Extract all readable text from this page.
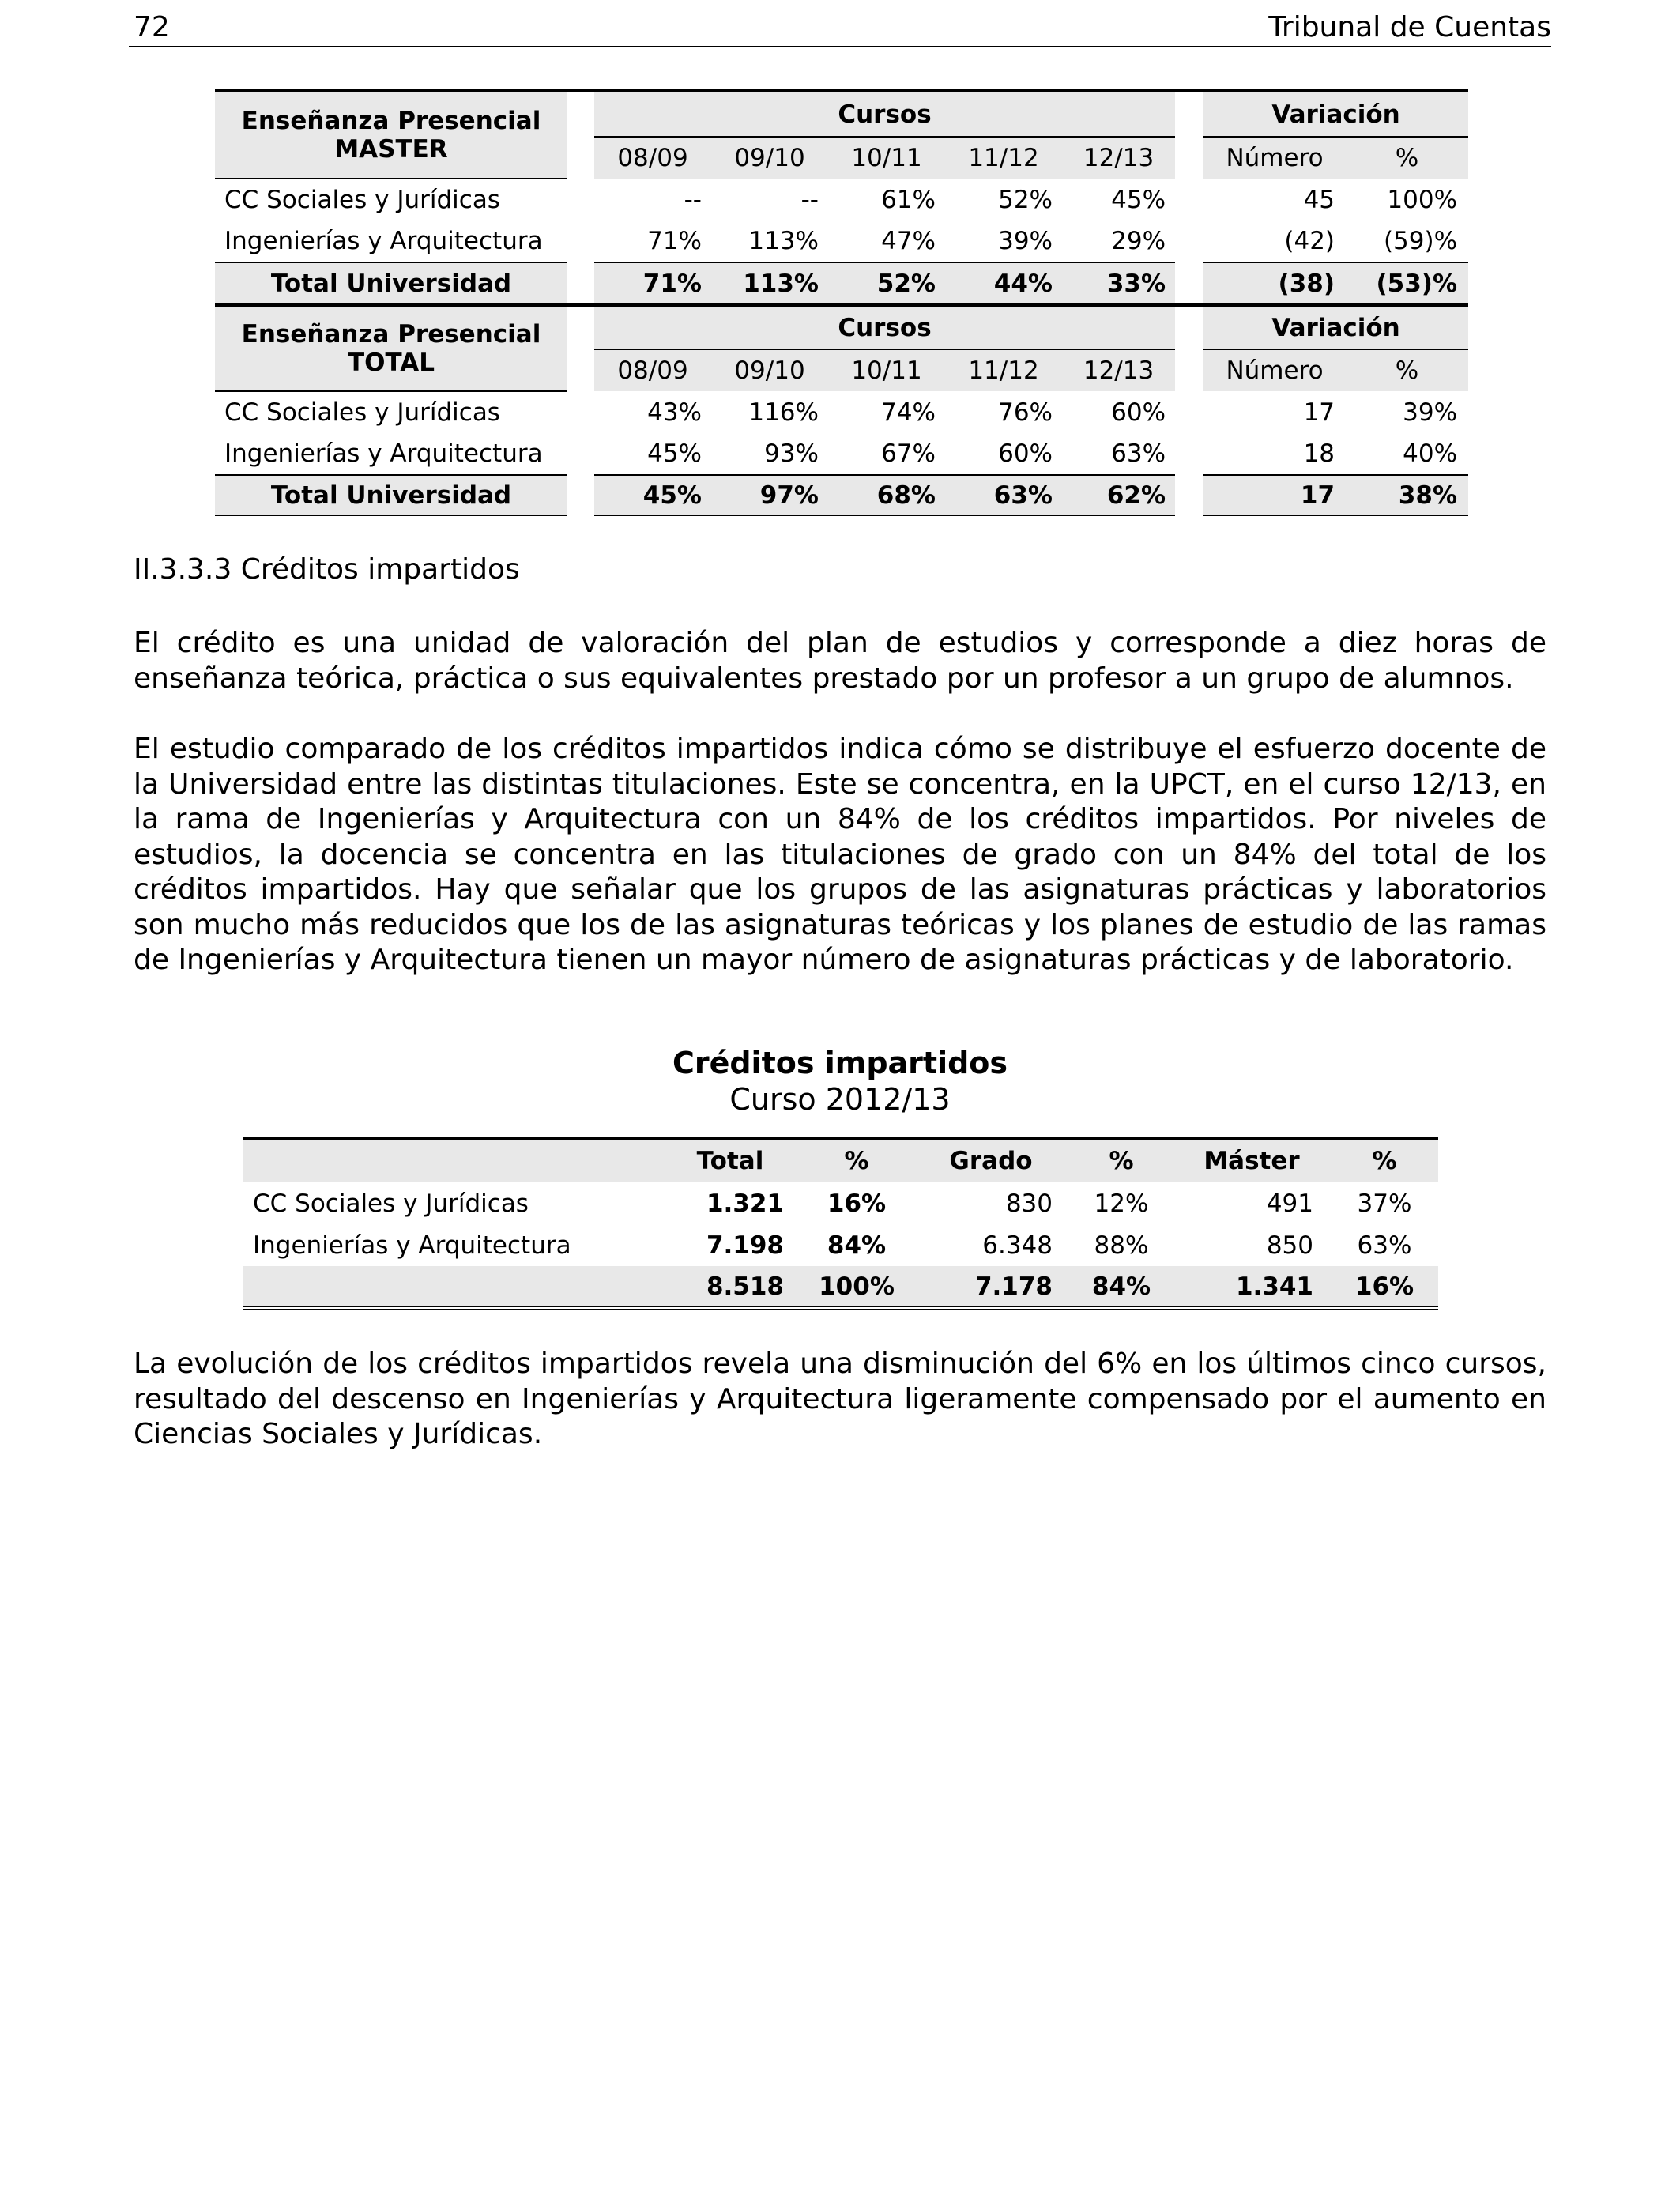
72	Tribunal de Cuentas
Enseñanza Presencial
MASTER		Cursos						Variación	
		08/09	09/10	10/11	11/12	12/13		Número	%
CC Sociales y Jurídicas		--	--	61%	52%	45%		45	100%
Ingenierías y Arquitectura		71%	113%	47%	39%	29%		(42)	(59)%
Total Universidad		71%	113%	52%	44%	33%		(38)	(53)%
Enseñanza Presencial
TOTAL		Cursos						Variación	
		08/09	09/10	10/11	11/12	12/13		Número	%
CC Sociales y Jurídicas		43%	116%	74%	76%	60%		17	39%
Ingenierías y Arquitectura		45%	93%	67%	60%	63%		18	40%
Total Universidad		45%	97%	68%	63%	62%		17	38%
II.3.3.3 Créditos impartidos
El crédito es una unidad de valoración del plan de estudios y corresponde a diez horas de enseñanza teórica, práctica o sus equivalentes prestado por un profesor a un grupo de alumnos.
El estudio comparado de los créditos impartidos indica cómo se distribuye el esfuerzo docente de la Universidad entre las distintas titulaciones. Este se concentra, en la UPCT, en el curso 12/13, en la rama de Ingenierías y Arquitectura con un 84% de los créditos impartidos. Por niveles de estudios, la docencia se concentra en las titulaciones de grado con un 84% del total de los créditos impartidos. Hay que señalar que los grupos de las asignaturas prácticas y laboratorios son mucho más reducidos que los de las asignaturas teóricas y los planes de estudio de las ramas de Ingenierías y Arquitectura tienen un mayor número de asignaturas prácticas y de laboratorio.
Créditos impartidos
Curso 2012/13
	Total	%	Grado	%	Máster	%
CC Sociales y Jurídicas	1.321	16%	830	12%	491	37%
Ingenierías y Arquitectura	7.198	84%	6.348	88%	850	63%
	8.518	100%	7.178	84%	1.341	16%
La evolución de los créditos impartidos revela una disminución del 6% en los últimos cinco cursos, resultado del descenso en Ingenierías y Arquitectura ligeramente compensado por el aumento en Ciencias Sociales y Jurídicas.
